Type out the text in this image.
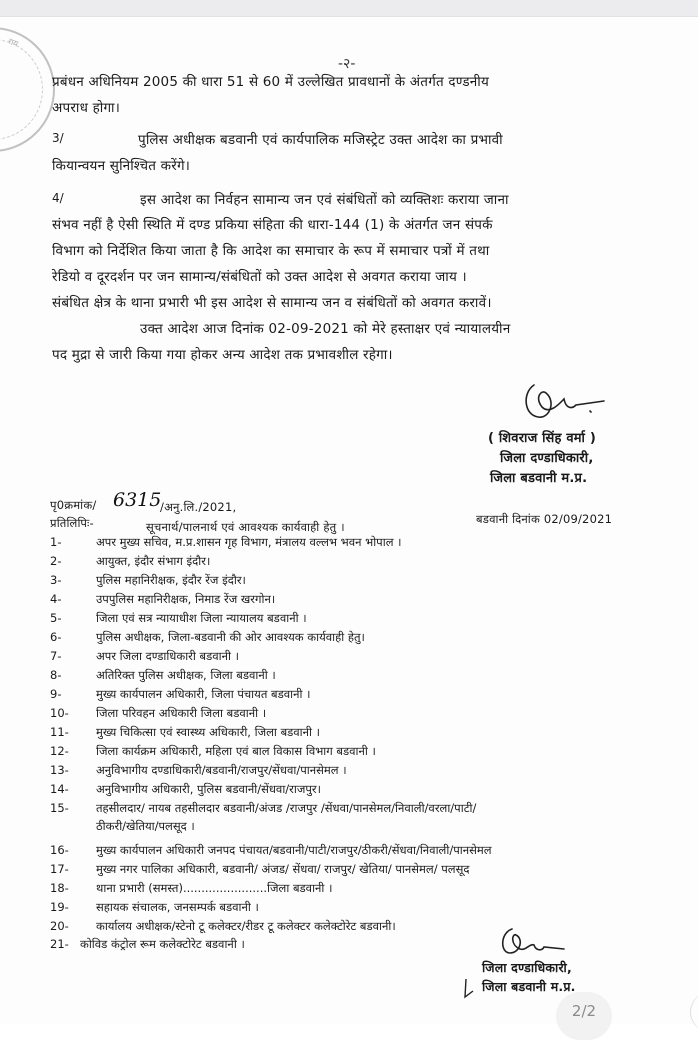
राय
-२-
प्रबंधन अधिनियम 2005 की धारा 51 से 60 में उल्लेखित प्रावधानों के अंतर्गत दण्डनीय
अपराध होगा।
3/	पुलिस अधीक्षक बडवानी एवं कार्यपालिक मजिस्ट्रेट उक्त आदेश का प्रभावी
कियान्वयन सुनिश्चित करेंगे।
4/	इस आदेश का निर्वहन सामान्य जन एवं संबंधितों को व्यक्तिशः कराया जाना
संभव नहीं है ऐसी स्थिति में दण्ड प्रकिया संहिता की धारा-144 (1) के अंतर्गत जन संपर्क
विभाग को निर्देशित किया जाता है कि आदेश का समाचार के रूप में समाचार पत्रों में तथा
रेडियो व दूरदर्शन पर जन सामान्य/संबंधितों को उक्त आदेश से अवगत कराया जाय ।
संबंधित क्षेत्र के थाना प्रभारी भी इस आदेश से सामान्य जन व संबंधितों को अवगत करावें।
उक्त आदेश आज दिनांक 02-09-2021 को मेरे हस्ताक्षर एवं न्यायालयीन
पद मुद्रा से जारी किया गया होकर अन्य आदेश तक प्रभावशील रहेगा।
( शिवराज सिंह वर्मा )
जिला दण्डाधिकारी,
जिला बडवानी म.प्र.
पृ0क्रमांक/ 6315
/अनु.लि./2021,
बडवानी दिनांक 02/09/2021
प्रतिलिपिः-	सूचनार्थ/पालनार्थ एवं आवश्यक कार्यवाही हेतु ।
1-	अपर मुख्य सचिव, म.प्र.शासन गृह विभाग, मंत्रालय वल्लभ भवन भोपाल ।
2-	आयुक्त, इंदौर संभाग इंदौर।
3-	पुलिस महानिरीक्षक, इंदौर रेंज इंदौर।
4-	उपपुलिस महानिरीक्षक, निमाड रेंज खरगोन।
5-	जिला एवं सत्र न्यायाधीश जिला न्यायालय बडवानी ।
6-	पुलिस अधीक्षक, जिला-बडवानी की ओर आवश्यक कार्यवाही हेतु।
7-	अपर जिला दण्डाधिकारी बडवानी ।
8-	अतिरिक्त पुलिस अधीक्षक, जिला बडवानी ।
9-	मुख्य कार्यपालन अधिकारी, जिला पंचायत बडवानी ।
10- जिला परिवहन अधिकारी जिला बडवानी ।
11- मुख्य चिकित्सा एवं स्वास्थ्य अधिकारी, जिला बडवानी ।
12- जिला कार्यक्रम अधिकारी, महिला एवं बाल विकास विभाग बडवानी ।
13- अनुविभागीय दण्डाधिकारी/बडवानी/राजपुर/सेंधवा/पानसेमल ।
14- अनुविभागीय अधिकारी, पुलिस बडवानी/सेंधवा/राजपुर।
15- तहसीलदार/ नायब तहसीलदार बडवानी/अंजड /राजपुर /सेंधवा/पानसेमल/निवाली/वरला/पाटी/
ठीकरी/खेतिया/पलसूद ।
16- मुख्य कार्यपालन अधिकारी जनपद पंचायत/बडवानी/पाटी/राजपुर/ठीकरी/सेंधवा/निवाली/पानसेमल
17- मुख्य नगर पालिका अधिकारी, बडवानी/ अंजड/ सेंधवा/ राजपुर/ खेतिया/ पानसेमल/ पलसूद
18- थाना प्रभारी (समस्त).......................जिला बडवानी ।
19- सहायक संचालक, जनसम्पर्क बडवानी ।
20- कार्यालय अधीक्षक/स्टेनो टू कलेक्टर/रीडर टू कलेक्टर कलेक्टोरेट बडवानी।
21- कोविड कंट्रोल रूम कलेक्टोरेट बडवानी ।
जिला दण्डाधिकारी,
जिला बडवानी म.प्र.
2/2
